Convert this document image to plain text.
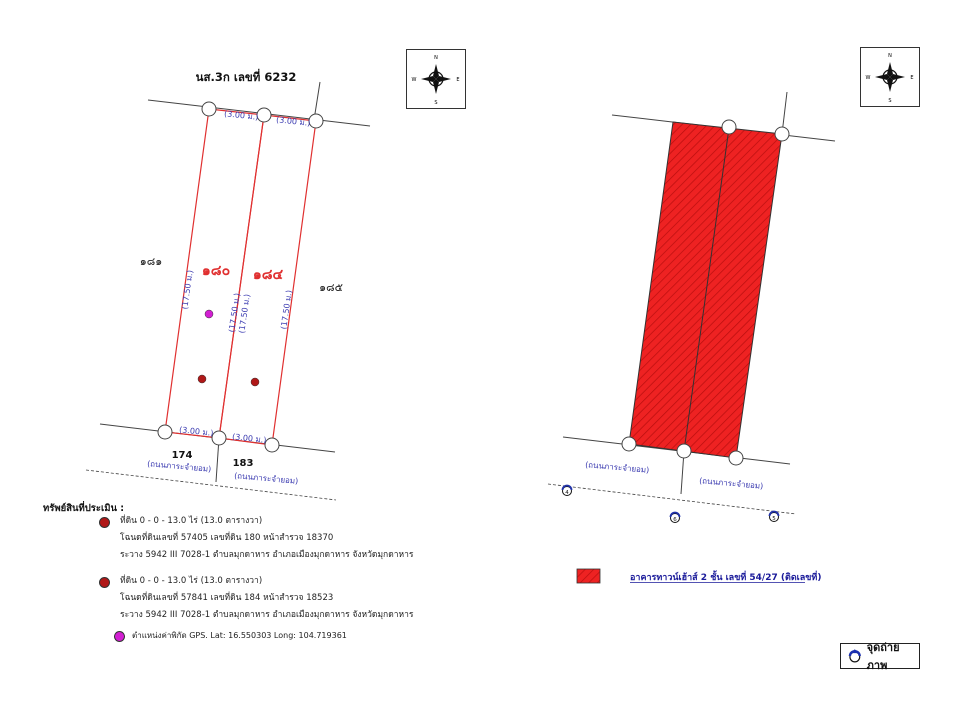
นส.3ก เลขที่ 6232
(3.00 ม.) (3.00 ม.)
(3.00 ม.)
(3.00 ม.)
(17.50 ม.)
(17.50 ม.)
(17.50 ม.)	(17.50 ม.)
๑๘๐ ๑๘๔
๑๘๑
๑๘๕
174
183
(ถนนภาระจำยอม)
(ถนนภาระจำยอม)
(ถนนภาระจำยอม)
(ถนนภาระจำยอม)
4
6	5
อาคารทาวน์เฮ้าส์ 2 ชั้น เลขที่ 54/27 (ติดเลขที่)
N
S
W	E
N
S
W	E
ทรัพย์สินที่ประเมิน :
ที่ดิน 0 - 0 - 13.0 ไร่ (13.0 ตารางวา)
โฉนดที่ดินเลขที่ 57405 เลขที่ดิน 180 หน้าสำรวจ 18370
ระวาง 5942 III 7028-1 ตำบลมุกดาหาร อำเภอเมืองมุกดาหาร จังหวัดมุกดาหาร
ที่ดิน 0 - 0 - 13.0 ไร่ (13.0 ตารางวา)
โฉนดที่ดินเลขที่ 57841 เลขที่ดิน 184 หน้าสำรวจ 18523
ระวาง 5942 III 7028-1 ตำบลมุกดาหาร อำเภอเมืองมุกดาหาร จังหวัดมุกดาหาร
ตำแหน่งค่าพิกัด GPS. Lat: 16.550303 Long: 104.719361
จุดถ่ายภาพ
